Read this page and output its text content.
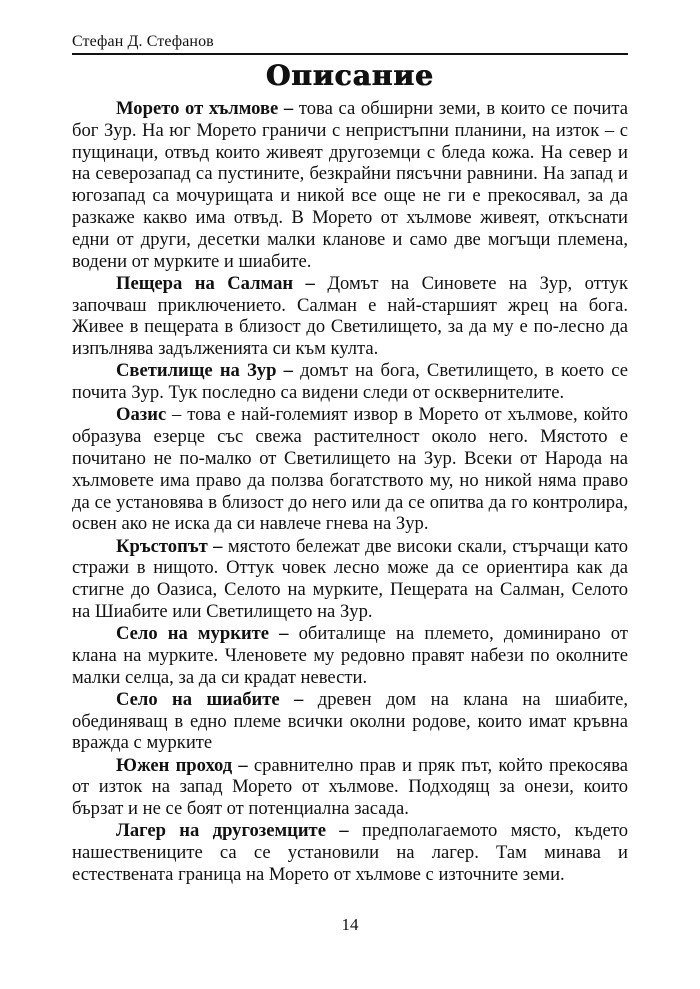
Стефан Д. Стефанов
Описание

Морето от хълмове – това са обширни земи, в които се почита бог Зур. На юг Морето граничи с непристъпни планини, на изток – с пущинаци, отвъд които живеят другоземци с бледа кожа. На север и на северозапад са пустините, безкрайни пясъчни равнини. На запад и югозапад са мочурищата и никой все още не ги е прекосявал, за да разкаже какво има отвъд. В Морето от хълмове живеят, откъснати едни от други, десетки малки кланове и само две могъщи племена, водени от мурките и шиабите.

Пещера на Салман – Домът на Синовете на Зур, оттук започваш приключението. Салман е най-старшият жрец на бога. Живее в пещерата в близост до Светилището, за да му е по-лесно да изпълнява задълженията си към култа.

Светилище на Зур – домът на бога, Светилището, в което се почита Зур. Тук последно са видени следи от осквернителите.

Оазис – това е най-големият извор в Морето от хълмове, който образува езерце със свежа растителност около него. Мястото е почитано не по-малко от Светилището на Зур. Всеки от Народа на хълмовете има право да ползва богатството му, но никой няма право да се установява в близост до него или да се опитва да го контролира, освен ако не иска да си навлече гнева на Зур.

Кръстопът – мястото бележат две високи скали, стърчащи като стражи в нищото. Оттук човек лесно може да се ориентира как да стигне до Оазиса, Селото на мурките, Пещерата на Салман, Селото на Шиабите или Светилището на Зур.

Село на мурките – обиталище на племето, доминирано от клана на мурките. Членовете му редовно правят набези по околните малки селца, за да си крадат невести.

Село на шиабите – древен дом на клана на шиабите, обединяващ в едно племе всички околни родове, които имат кръвна вражда с мурките

Южен проход – сравнително прав и пряк път, който прекосява от изток на запад Морето от хълмове. Подходящ за онези, които бързат и не се боят от потенциална засада.

Лагер на другоземците – предполагаемото място, където нашествениците са се установили на лагер. Там минава и естествената граница на Морето от хълмове с източните земи.

14
